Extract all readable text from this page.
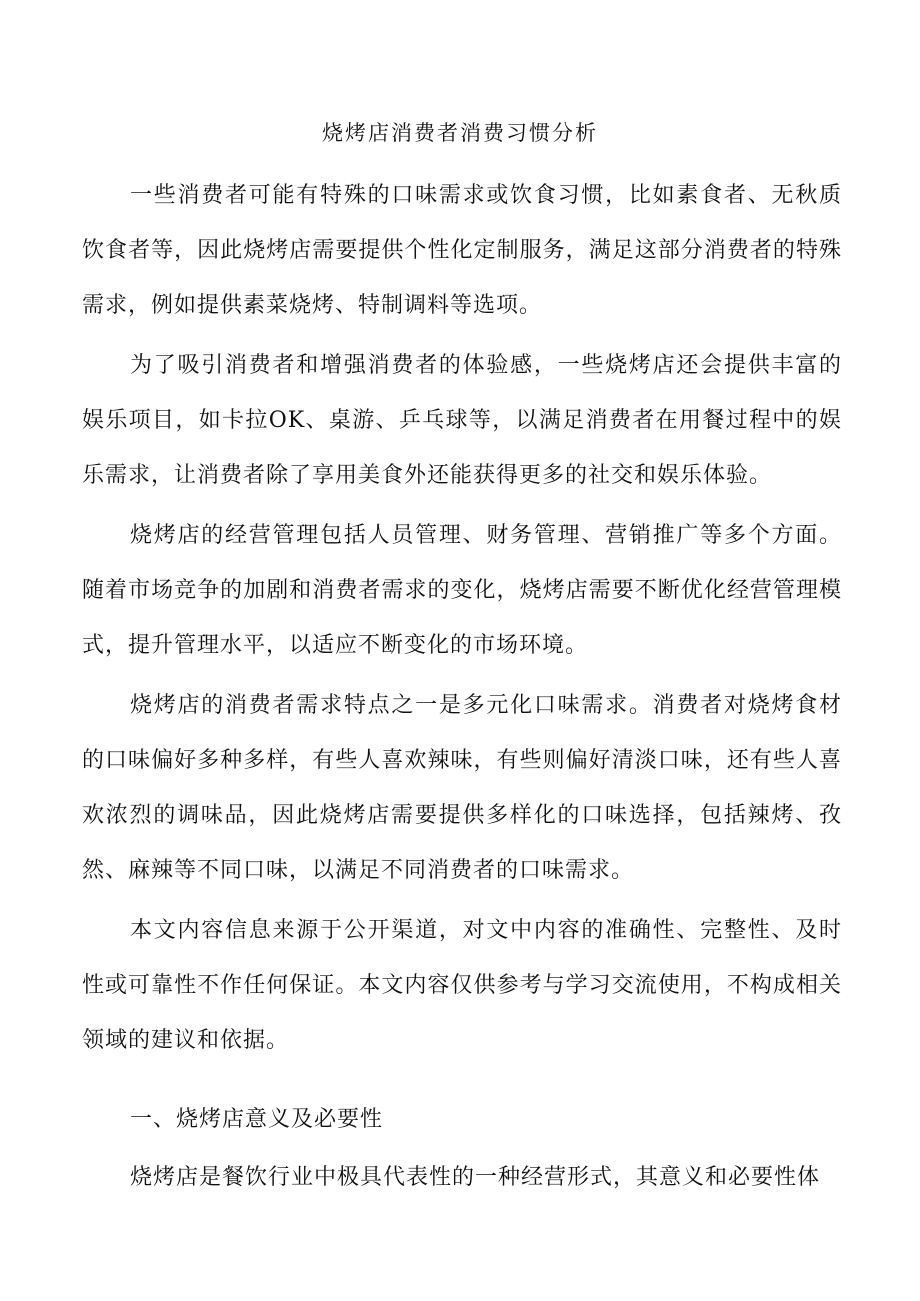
烧烤店消费者消费习惯分析
一些消费者可能有特殊的口味需求或饮食习惯，比如素食者、无秋质饮食者等，因此烧烤店需要提供个性化定制服务，满足这部分消费者的特殊需求，例如提供素菜烧烤、特制调料等选项。
为了吸引消费者和增强消费者的体验感，一些烧烤店还会提供丰富的娱乐项目，如卡拉OK、桌游、乒乓球等，以满足消费者在用餐过程中的娱乐需求，让消费者除了享用美食外还能获得更多的社交和娱乐体验。
烧烤店的经营管理包括人员管理、财务管理、营销推广等多个方面。随着市场竞争的加剧和消费者需求的变化，烧烤店需要不断优化经营管理模式，提升管理水平，以适应不断变化的市场环境。
烧烤店的消费者需求特点之一是多元化口味需求。消费者对烧烤食材的口味偏好多种多样，有些人喜欢辣味，有些则偏好清淡口味，还有些人喜欢浓烈的调味品，因此烧烤店需要提供多样化的口味选择，包括辣烤、孜然、麻辣等不同口味，以满足不同消费者的口味需求。
本文内容信息来源于公开渠道，对文中内容的准确性、完整性、及时性或可靠性不作任何保证。本文内容仅供参考与学习交流使用，不构成相关领域的建议和依据。
一、烧烤店意义及必要性
烧烤店是餐饮行业中极具代表性的一种经营形式，其意义和必要性体
